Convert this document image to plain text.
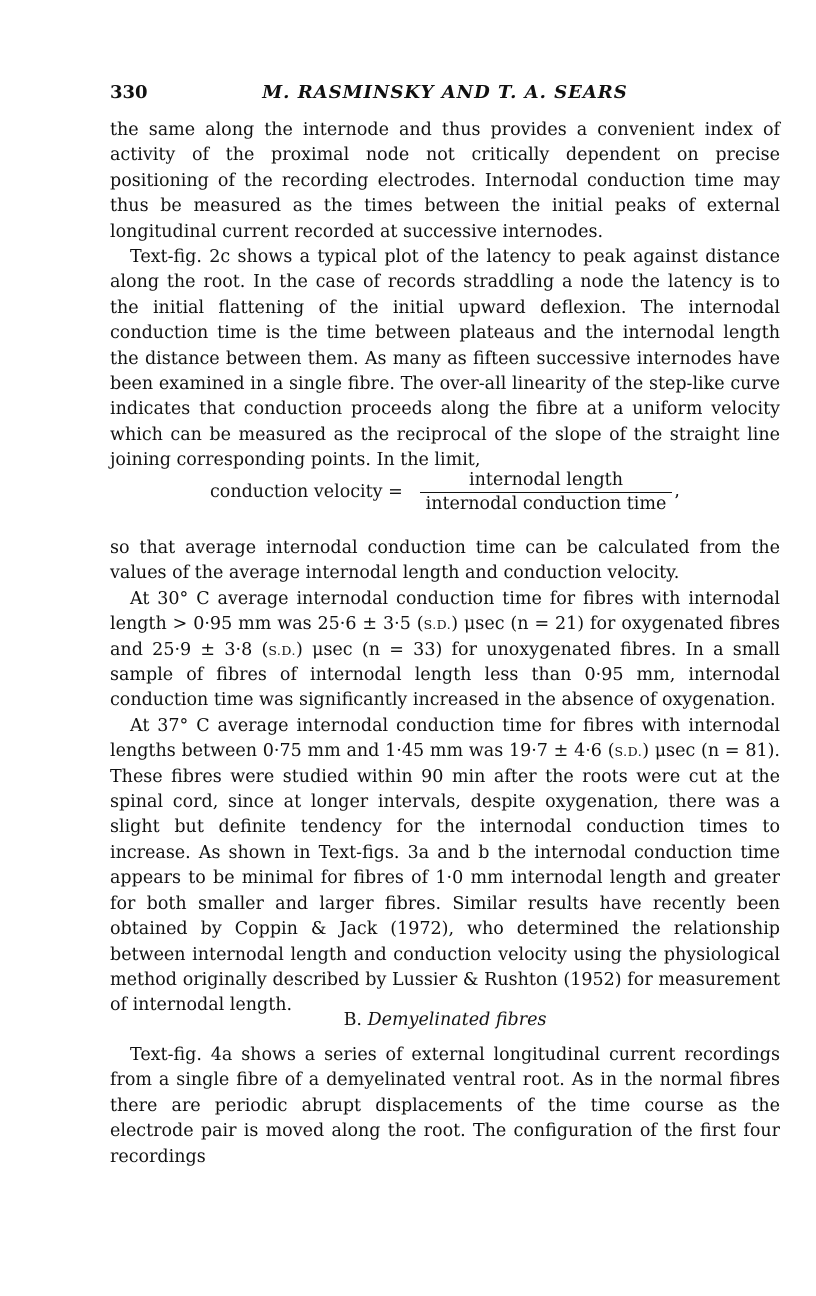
330	M. RASMINSKY AND T. A. SEARS

the same along the internode and thus provides a convenient index of activity of the proximal node not critically dependent on precise positioning of the recording electrodes. Internodal conduction time may thus be measured as the times between the initial peaks of external longitudinal current recorded at successive internodes.

Text-fig. 2c shows a typical plot of the latency to peak against distance along the root. In the case of records straddling a node the latency is to the initial flattening of the initial upward deflexion. The internodal conduction time is the time between plateaus and the internodal length the distance between them. As many as fifteen successive internodes have been examined in a single fibre. The over-all linearity of the step-like curve indicates that conduction proceeds along the fibre at a uniform velocity which can be measured as the reciprocal of the slope of the straight line joining corresponding points. In the limit,

conduction velocity =
internodal length
internodal conduction time ’

so that average internodal conduction time can be calculated from the values of the average internodal length and conduction velocity.

At 30° C average internodal conduction time for fibres with internodal length > 0·95 mm was 25·6 ± 3·5 (S.D.) μsec (n = 21) for oxygenated fibres and 25·9 ± 3·8 (S.D.) μsec (n = 33) for unoxygenated fibres. In a small sample of fibres of internodal length less than 0·95 mm, internodal conduction time was significantly increased in the absence of oxygenation.

At 37° C average internodal conduction time for fibres with internodal lengths between 0·75 mm and 1·45 mm was 19·7 ± 4·6 (S.D.) μsec (n = 81). These fibres were studied within 90 min after the roots were cut at the spinal cord, since at longer intervals, despite oxygenation, there was a slight but definite tendency for the internodal conduction times to increase. As shown in Text-figs. 3a and b the internodal conduction time appears to be minimal for fibres of 1·0 mm internodal length and greater for both smaller and larger fibres. Similar results have recently been obtained by Coppin & Jack (1972), who determined the relationship between internodal length and conduction velocity using the physiological method originally described by Lussier & Rushton (1952) for measurement of internodal length.

B. Demyelinated fibres

Text-fig. 4a shows a series of external longitudinal current recordings from a single fibre of a demyelinated ventral root. As in the normal fibres there are periodic abrupt displacements of the time course as the electrode pair is moved along the root. The configuration of the first four recordings
